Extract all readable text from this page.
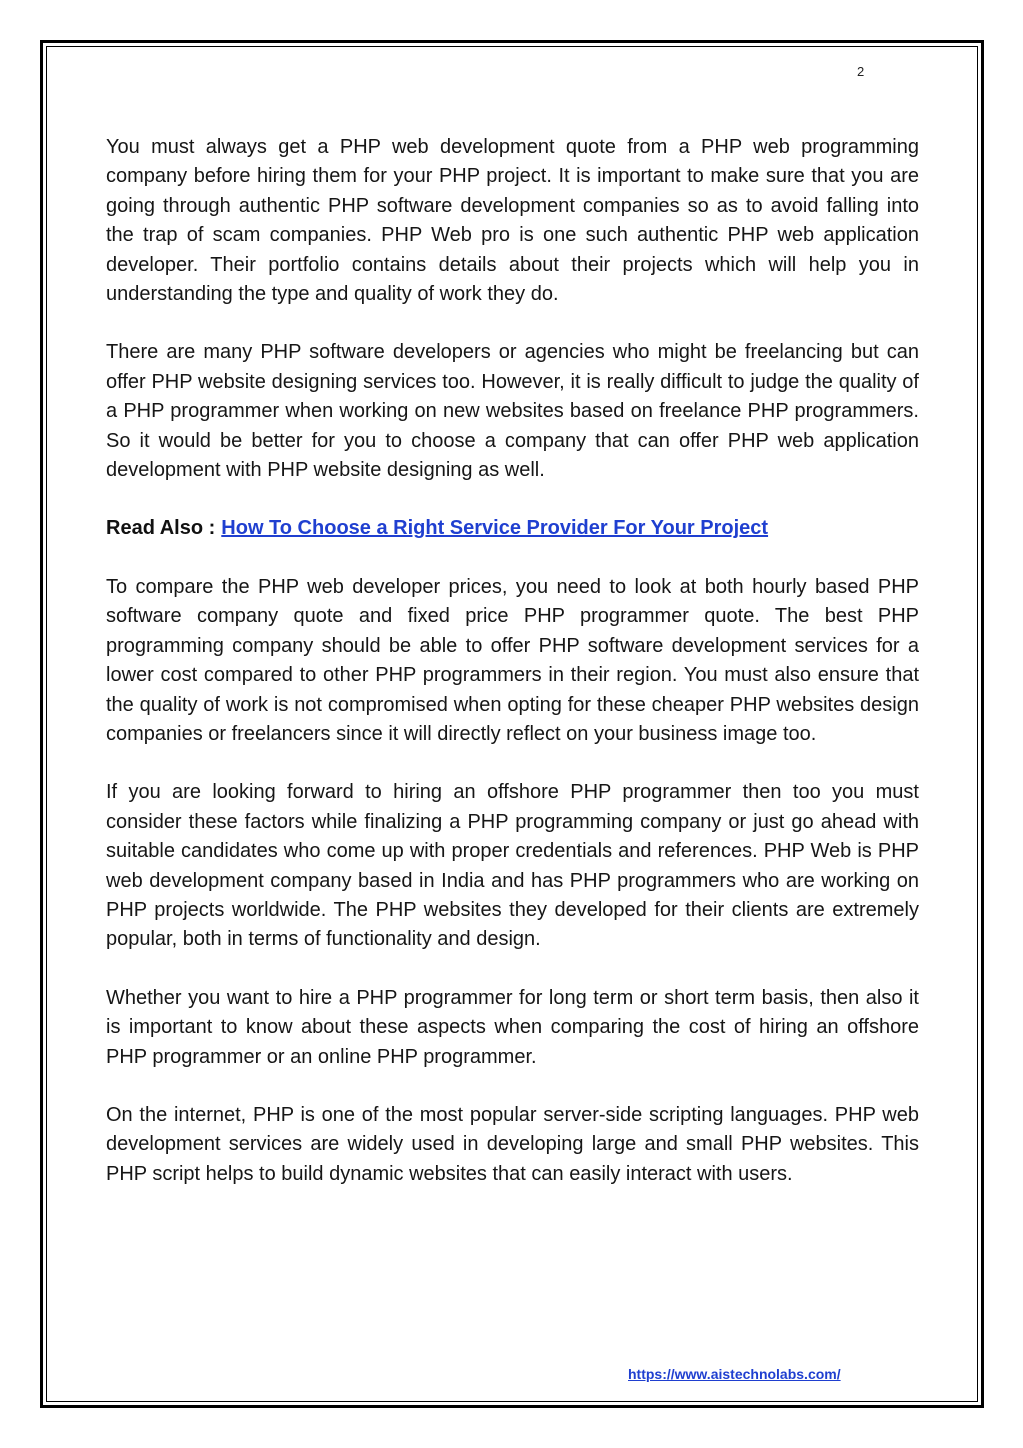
2

You must always get a PHP web development quote from a PHP web programming company before hiring them for your PHP project. It is important to make sure that you are going through authentic PHP software development companies so as to avoid falling into the trap of scam companies. PHP Web pro is one such authentic PHP web application developer. Their portfolio contains details about their projects which will help you in understanding the type and quality of work they do.

There are many PHP software developers or agencies who might be freelancing but can offer PHP website designing services too. However, it is really difficult to judge the quality of a PHP programmer when working on new websites based on freelance PHP programmers. So it would be better for you to choose a company that can offer PHP web application development with PHP website designing as well.

Read Also : How To Choose a Right Service Provider For Your Project

To compare the PHP web developer prices, you need to look at both hourly based PHP software company quote and fixed price PHP programmer quote. The best PHP programming company should be able to offer PHP software development services for a lower cost compared to other PHP programmers in their region. You must also ensure that the quality of work is not compromised when opting for these cheaper PHP websites design companies or freelancers since it will directly reflect on your business image too.

If you are looking forward to hiring an offshore PHP programmer then too you must consider these factors while finalizing a PHP programming company or just go ahead with suitable candidates who come up with proper credentials and references. PHP Web is PHP web development company based in India and has PHP programmers who are working on PHP projects worldwide. The PHP websites they developed for their clients are extremely popular, both in terms of functionality and design.

Whether you want to hire a PHP programmer for long term or short term basis, then also it is important to know about these aspects when comparing the cost of hiring an offshore PHP programmer or an online PHP programmer.

On the internet, PHP is one of the most popular server-side scripting languages. PHP web development services are widely used in developing large and small PHP websites. This PHP script helps to build dynamic websites that can easily interact with users.

https://www.aistechnolabs.com/
